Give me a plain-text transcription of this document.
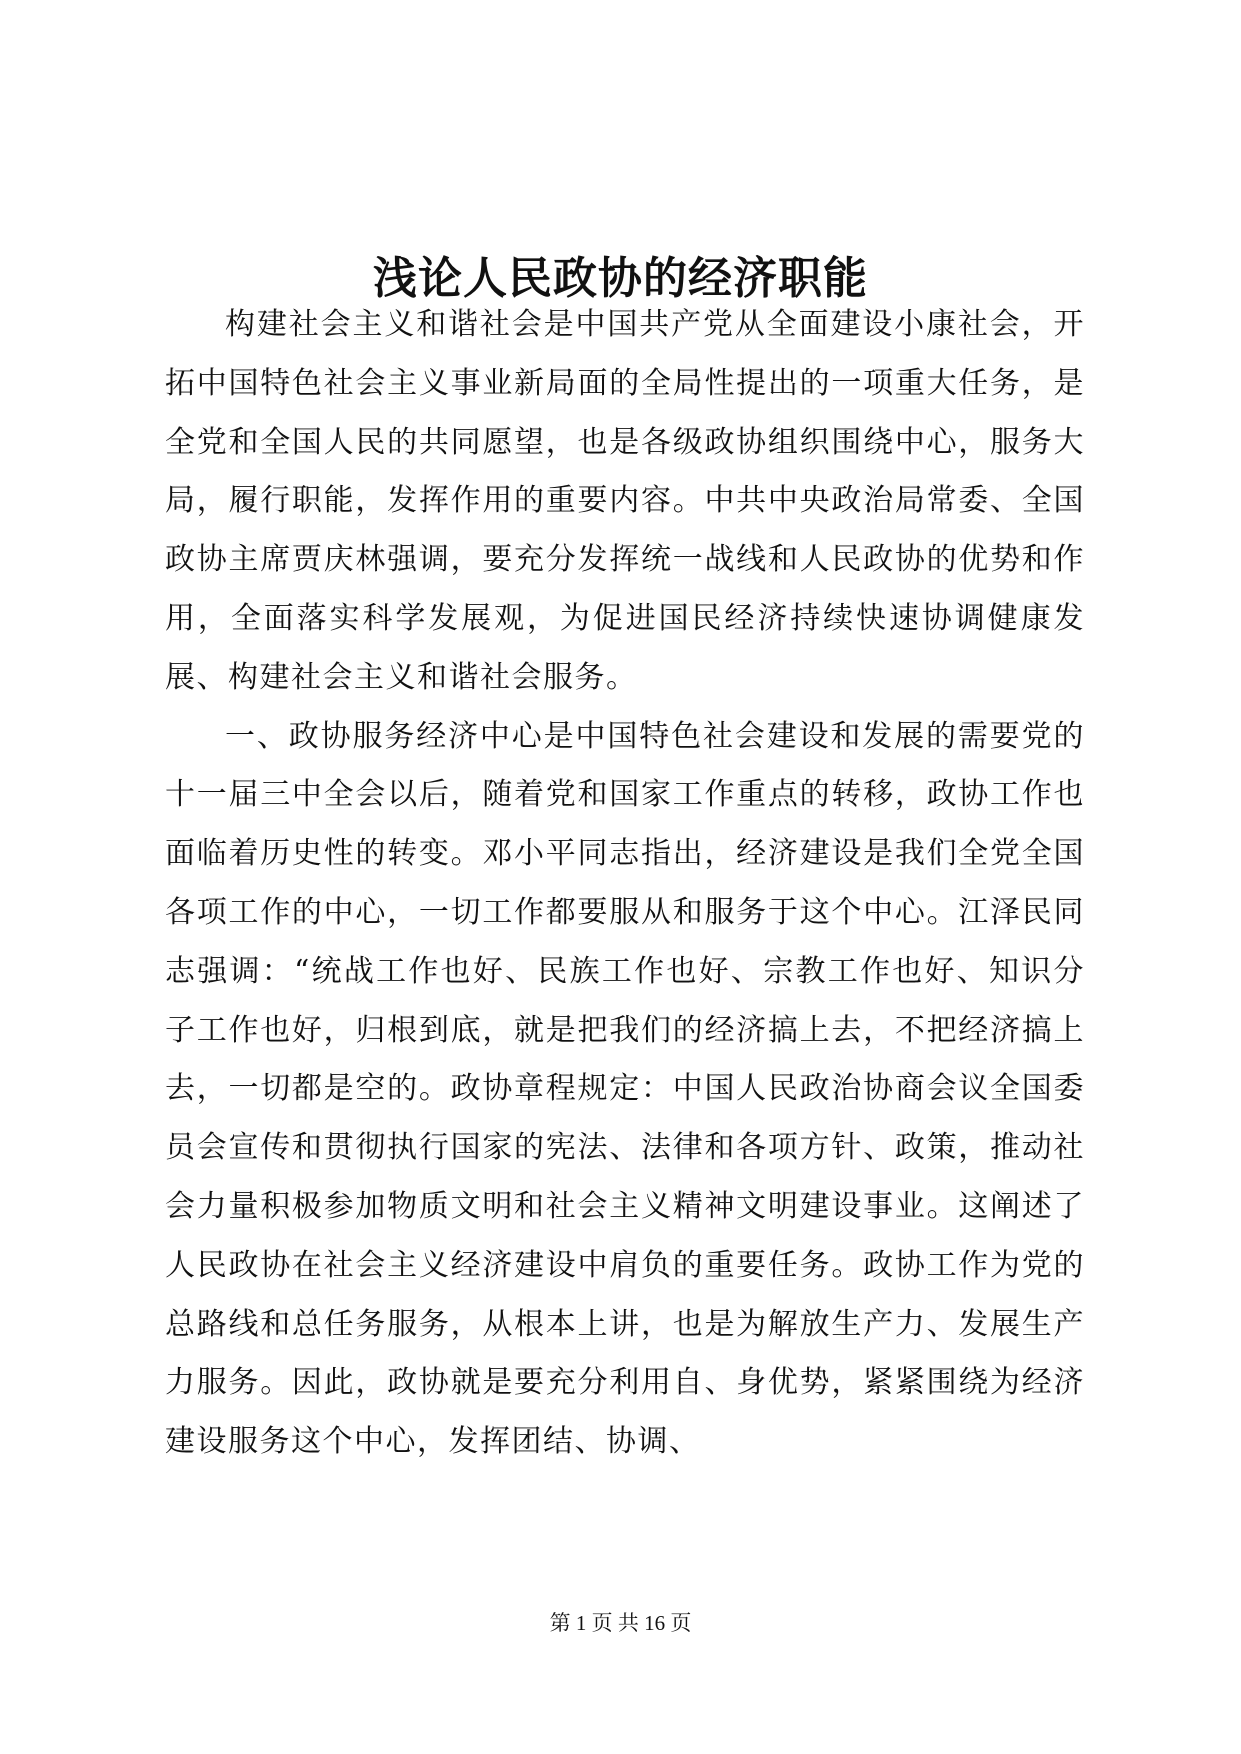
浅论人民政协的经济职能

构建社会主义和谐社会是中国共产党从全面建设小康社会，开拓中国特色社会主义事业新局面的全局性提出的一项重大任务，是全党和全国人民的共同愿望，也是各级政协组织围绕中心，服务大局，履行职能，发挥作用的重要内容。中共中央政治局常委、全国政协主席贾庆林强调，要充分发挥统一战线和人民政协的优势和作用，全面落实科学发展观，为促进国民经济持续快速协调健康发展、构建社会主义和谐社会服务。

一、政协服务经济中心是中国特色社会建设和发展的需要党的十一届三中全会以后，随着党和国家工作重点的转移，政协工作也面临着历史性的转变。邓小平同志指出，经济建设是我们全党全国各项工作的中心，一切工作都要服从和服务于这个中心。江泽民同志强调：“统战工作也好、民族工作也好、宗教工作也好、知识分子工作也好，归根到底，就是把我们的经济搞上去，不把经济搞上去，一切都是空的。政协章程规定：中国人民政治协商会议全国委员会宣传和贯彻执行国家的宪法、法律和各项方针、政策，推动社会力量积极参加物质文明和社会主义精神文明建设事业。这阐述了人民政协在社会主义经济建设中肩负的重要任务。政协工作为党的总路线和总任务服务，从根本上讲，也是为解放生产力、发展生产力服务。因此，政协就是要充分利用自、身优势，紧紧围绕为经济建设服务这个中心，发挥团结、协调、

第 1 页 共 16 页
